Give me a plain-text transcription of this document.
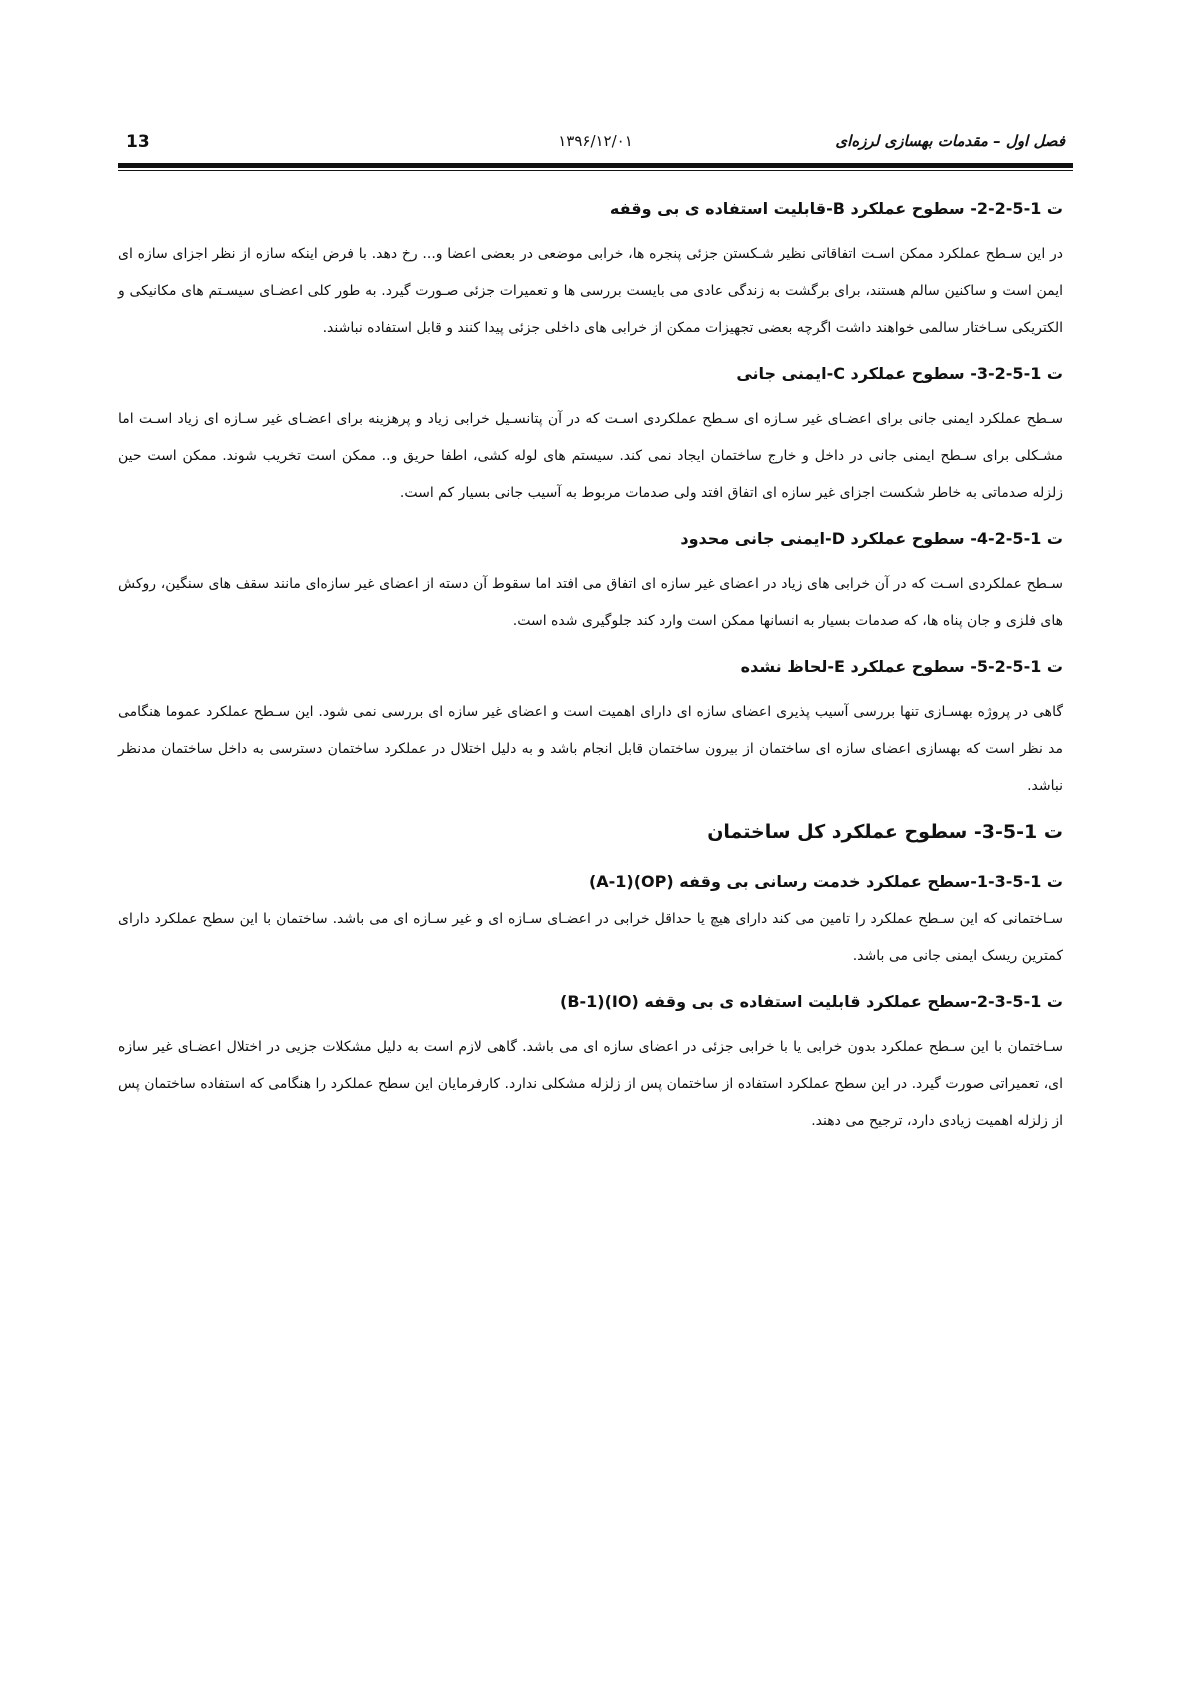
13	۱۳۹۶/۱۲/۰۱	فصل اول – مقدمات بهسازی لرزه‌ای
ت 1-5-2-2- سطوح عملکرد B-قابلیت استفاده ی بی وقفه

در این سـطح عملکرد ممکن اسـت اتفاقاتی نظیر شـکستن جزئی پنجره ها، خرابی موضعی در بعضی اعضا و... رخ دهد. با فرض اینکه سازه از نظر اجزای سازه ای ایمن است و ساکنین سالم هستند، برای برگشت به زندگی عادی می بایست بررسی ها و تعمیرات جزئی صـورت گیرد. به طور کلی اعضـای سیسـتم های مکانیکی و الکتریکی سـاختار سالمی خواهند داشت اگرچه بعضی تجهیزات ممکن از خرابی های داخلی جزئی پیدا کنند و قابل استفاده نباشند.

ت 1-5-2-3- سطوح عملکرد C-ایمنی جانی

سـطح عملکرد ایمنی جانی برای اعضـای غیر سـازه ای سـطح عملکردی اسـت که در آن پتانسـیل خرابی زیاد و پرهزینه برای اعضـای غیر سـازه ای زیاد اسـت اما مشـکلی برای سـطح ایمنی جانی در داخل و خارج ساختمان ایجاد نمی کند. سیستم های لوله کشی، اطفا حریق و.. ممکن است تخریب شوند. ممکن است حین زلزله صدماتی به خاطر شکست اجزای غیر سازه ای اتفاق افتد ولی صدمات مربوط به آسیب جانی بسیار کم است.

ت 1-5-2-4- سطوح عملکرد D-ایمنی جانی محدود

سـطح عملکردی اسـت که در آن خرابی های زیاد در اعضای غیر سازه ای اتفاق می افتد اما سقوط آن دسته از اعضای غیر سازه‌ای مانند سقف های سنگین، روکش های فلزی و جان پناه ها، که صدمات بسیار به انسانها ممکن است وارد کند جلوگیری شده است.

ت 1-5-2-5- سطوح عملکرد E-لحاظ نشده

گاهی در پروژه بهسـازی تنها بررسی آسیب پذیری اعضای سازه ای دارای اهمیت است و اعضای غیر سازه ای بررسی نمی شود. این سـطح عملکرد عموما هنگامی مد نظر است که بهسازی اعضای سازه ای ساختمان از بیرون ساختمان قابل انجام باشد و به دلیل اختلال در عملکرد ساختمان دسترسی به داخل ساختمان مدنظر نباشد.

ت 1-5-3- سطوح عملکرد کل ساختمان
ت 1-5-3-1-سطح عملکرد خدمت رسانی بی وقفه (OP)(A-1)

سـاختمانی که این سـطح عملکرد را تامین می کند دارای هیچ یا حداقل خرابی در اعضـای سـازه ای و غیر سـازه ای می باشد. ساختمان با این سطح عملکرد دارای کمترین ریسک ایمنی جانی می باشد.

ت 1-5-3-2-سطح عملکرد قابلیت استفاده ی بی وقفه (IO)(B-1)

سـاختمان با این سـطح عملکرد بدون خرابی یا با خرابی جزئی در اعضای سازه ای می باشد. گاهی لازم است به دلیل مشکلات جزیی در اختلال اعضـای غیر سازه ای، تعمیراتی صورت گیرد. در این سطح عملکرد استفاده از ساختمان پس از زلزله مشکلی ندارد. کارفرمایان این سطح عملکرد را هنگامی که استفاده ساختمان پس از زلزله اهمیت زیادی دارد، ترجیح می دهند.
